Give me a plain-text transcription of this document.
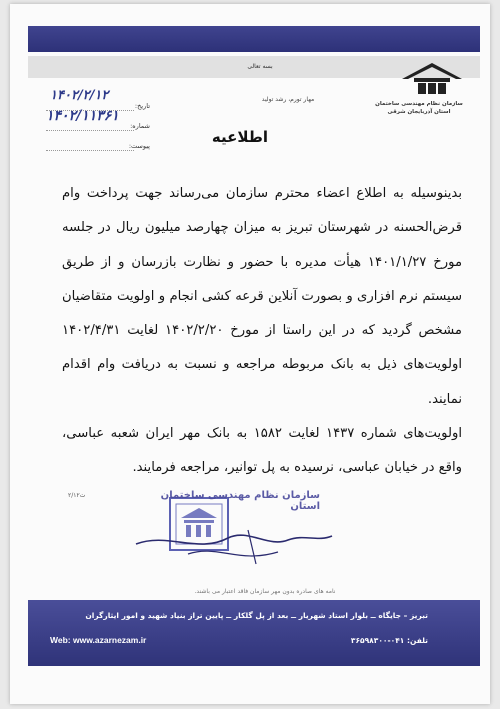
بسه تعالی
سازمان نظام مهندسی ساختمان استان آذربایجان شرقی
مهار تورم، رشد تولید
تاریخ:
۱۴۰۲/۲/۱۲
شماره:
۱۴۰۲/۱۱۳۶۱
پیوست:	اطلاعیه

بدینوسیله به اطلاع اعضاء محترم سازمان می‌رساند جهت پرداخت وام قرض‌الحسنه در شهرستان تبریز به میزان چهارصد میلیون ریال در جلسه مورخ ۱۴۰۱/۱/۲۷ هیأت مدیره با حضور و نظارت بازرسان و از طریق سیستم نرم افزاری و بصورت آنلاین قرعه کشی انجام و اولویت متقاضیان مشخص گردید که در این راستا از مورخ ۱۴۰۲/۲/۲۰ لغایت ۱۴۰۲/۴/۳۱ اولویت‌های ذیل به بانک مربوطه مراجعه و نسبت به دریافت وام اقدام نمایند.

اولویت‌های شماره ۱۴۳۷ لغایت ۱۵۸۲ به بانک مهر ایران شعبه عباسی، واقع در خیابان عباسی، نرسیده به پل توانیر، مراجعه فرمایند.

۲/۱۲ت	سازمان نظام مهندسی ساختمان استان
نامه های صادره بدون مهر سازمان فاقد اعتبار می باشند.
تبریز – جایگاه ــ بلوار استاد شهریار ــ بعد از پل گلکار ــ پایین تراز بنیاد شهید و امور ایثارگران
تلفن: ۰۴۱-۳۶۵۹۸۳۰۰
Web: www.azarnezam.ir
